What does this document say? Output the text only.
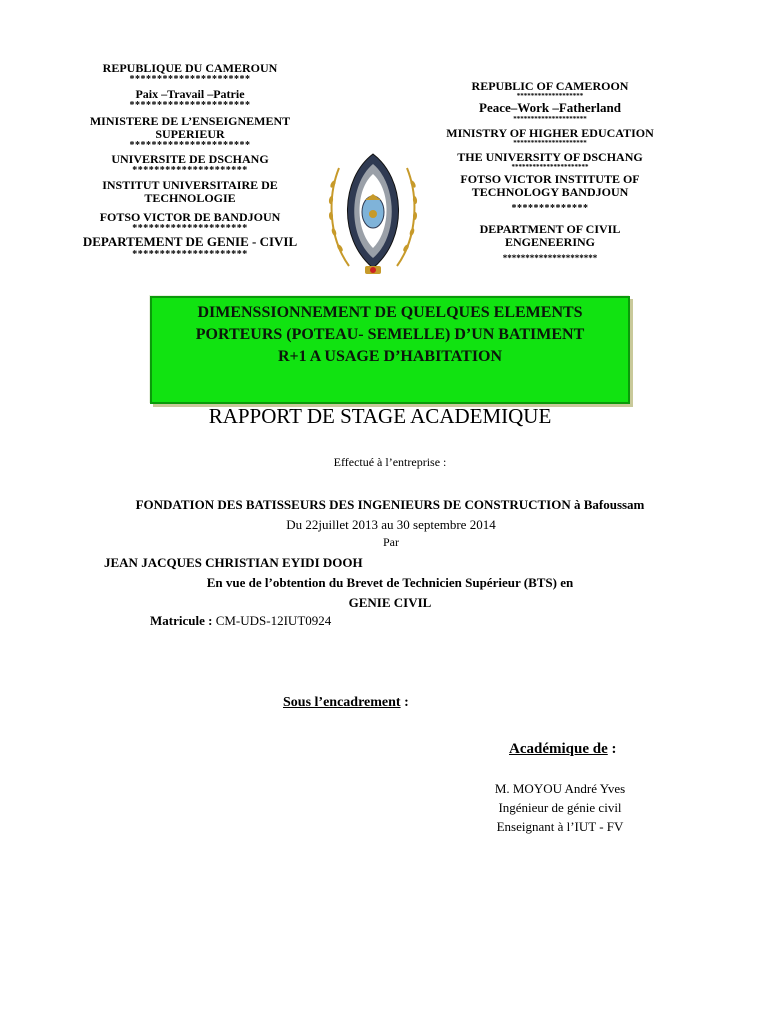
REPUBLIQUE DU CAMEROUN
**********************
Paix –Travail –Patrie
**********************
MINISTERE DE L’ENSEIGNEMENT
SUPERIEUR
**********************
UNIVERSITE DE DSCHANG
*********************
INSTITUT UNIVERSITAIRE DE
TECHNOLOGIE
FOTSO VICTOR DE BANDJOUN
*********************
DEPARTEMENT DE GENIE - CIVIL
*********************
REPUBLIC OF CAMEROON
*******************
Peace–Work –Fatherland
*********************
MINISTRY OF HIGHER EDUCATION
*********************
THE UNIVERSITY OF DSCHANG
**********************
FOTSO VICTOR INSTITUTE OF
TECHNOLOGY BANDJOUN
**************
DEPARTMENT OF CIVIL
ENGENEERING
*********************
DIMENSSIONNEMENT DE QUELQUES ELEMENTS
PORTEURS (POTEAU- SEMELLE) D’UN BATIMENT
R+1 A USAGE D’HABITATION
RAPPORT DE STAGE ACADEMIQUE
Effectué à l’entreprise :
FONDATION DES BATISSEURS DES INGENIEURS DE CONSTRUCTION à Bafoussam
Du 22juillet 2013 au 30 septembre 2014
Par
JEAN JACQUES CHRISTIAN EYIDI DOOH
En vue de l’obtention du Brevet de Technicien Supérieur (BTS) en
GENIE CIVIL
Matricule : CM-UDS-12IUT0924
Sous l’encadrement :
Académique de :
M. MOYOU André Yves
Ingénieur de génie civil
Enseignant à l’IUT - FV
